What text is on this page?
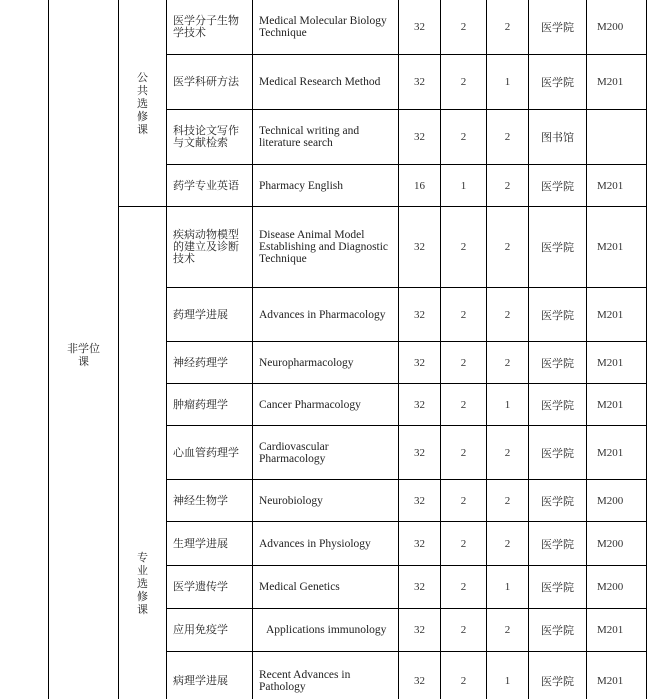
非学位课	公共选修课	医学分子生物学技术	Medical Molecular Biology Technique	32	2	2	医学院	M200
		医学科研方法	Medical Research Method	32	2	1	医学院	M201
		科技论文写作与文献检索	Technical writing and literature search	32	2	2	图书馆	
		药学专业英语	Pharmacy English	16	1	2	医学院	M201
	专业选修课	疾病动物模型的建立及诊断技术	Disease Animal Model Establishing and Diagnostic Technique	32	2	2	医学院	M201
		药理学进展	Advances in Pharmacology	32	2	2	医学院	M201
		神经药理学	Neuropharmacology	32	2	2	医学院	M201
		肿瘤药理学	Cancer Pharmacology	32	2	1	医学院	M201
		心血管药理学	Cardiovascular Pharmacology	32	2	2	医学院	M201
		神经生物学	Neurobiology	32	2	2	医学院	M200
		生理学进展	Advances in Physiology	32	2	2	医学院	M200
		医学遗传学	Medical Genetics	32	2	1	医学院	M200
		应用免疫学	Applications immunology	32	2	2	医学院	M201
		病理学进展	Recent Advances in Pathology	32	2	1	医学院	M201
